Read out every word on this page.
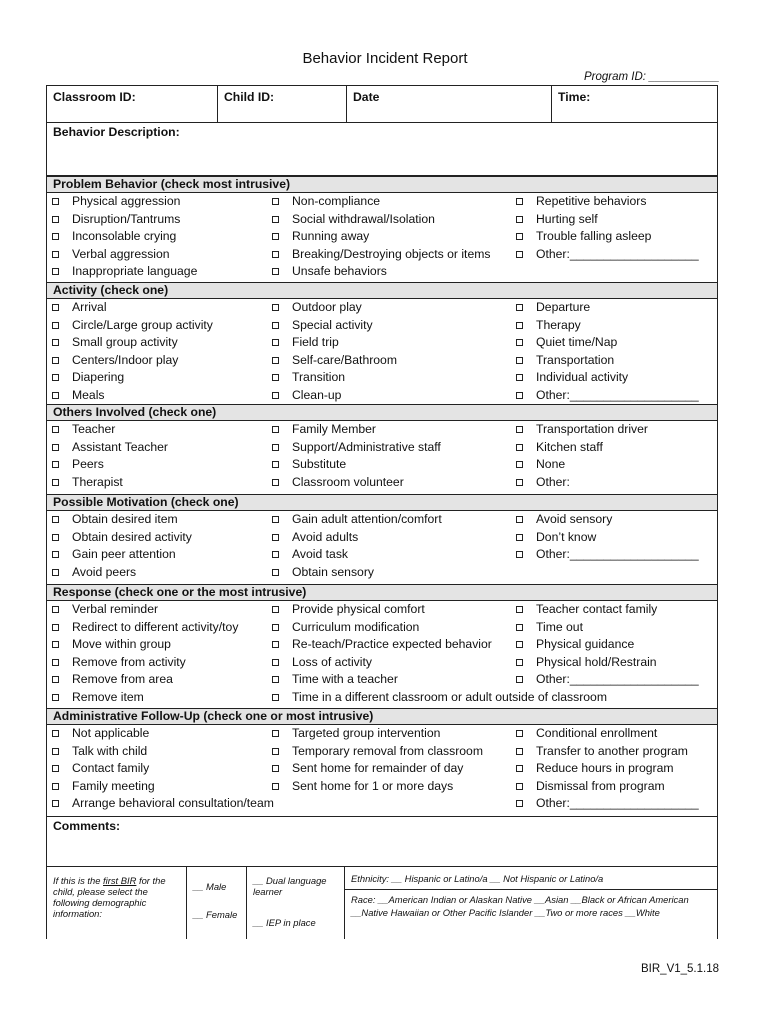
Behavior Incident Report
Program ID: ___________
Classroom ID:	Child ID:	Date	Time:
Behavior Description:
Problem Behavior (check most intrusive)
Physical aggression
Disruption/Tantrums
Inconsolable crying
Verbal aggression
Inappropriate language
Non-compliance
Social withdrawal/Isolation
Running away
Breaking/Destroying objects or items
Unsafe behaviors
Repetitive behaviors
Hurting self
Trouble falling asleep
Other:___________________
Activity (check one)
Arrival
Circle/Large group activity
Small group activity
Centers/Indoor play
Diapering
Meals
Outdoor play
Special activity
Field trip
Self-care/Bathroom
Transition
Clean-up
Departure
Therapy
Quiet time/Nap
Transportation
Individual activity
Other:___________________
Others Involved (check one)
Teacher
Assistant Teacher
Peers
Therapist
Family Member
Support/Administrative staff
Substitute
Classroom volunteer
Transportation driver
Kitchen staff
None
Other:
Possible Motivation (check one)
Obtain desired item
Obtain desired activity
Gain peer attention
Avoid peers
Gain adult attention/comfort
Avoid adults
Avoid task
Obtain sensory
Avoid sensory
Don’t know
Other:___________________
Response (check one or the most intrusive)
Verbal reminder
Redirect to different activity/toy
Move within group
Remove from activity
Remove from area
Remove item
Provide physical comfort
Curriculum modification
Re-teach/Practice expected behavior
Loss of activity
Time with a teacher
Time in a different classroom or adult outside of classroom
Teacher contact family
Time out
Physical guidance
Physical hold/Restrain
Other:___________________
Administrative Follow-Up (check one or most intrusive)
Not applicable
Talk with child
Contact family
Family meeting
Arrange behavioral consultation/team
Targeted group intervention
Temporary removal from classroom
Sent home for remainder of day
Sent home for 1 or more days
Conditional enrollment
Transfer to another program
Reduce hours in program
Dismissal from program
Other:___________________
Comments:
If this is the first BIR for the child, please select the following demographic information:

__ Male

__ Female

__ Dual language learner

__ IEP in place

Ethnicity: __ Hispanic or Latino/a __ Not Hispanic or Latino/a

Race: __American Indian or Alaskan Native __Asian __Black or African American __Native Hawaiian or Other Pacific Islander __Two or more races __White

BIR_V1_5.1.18
